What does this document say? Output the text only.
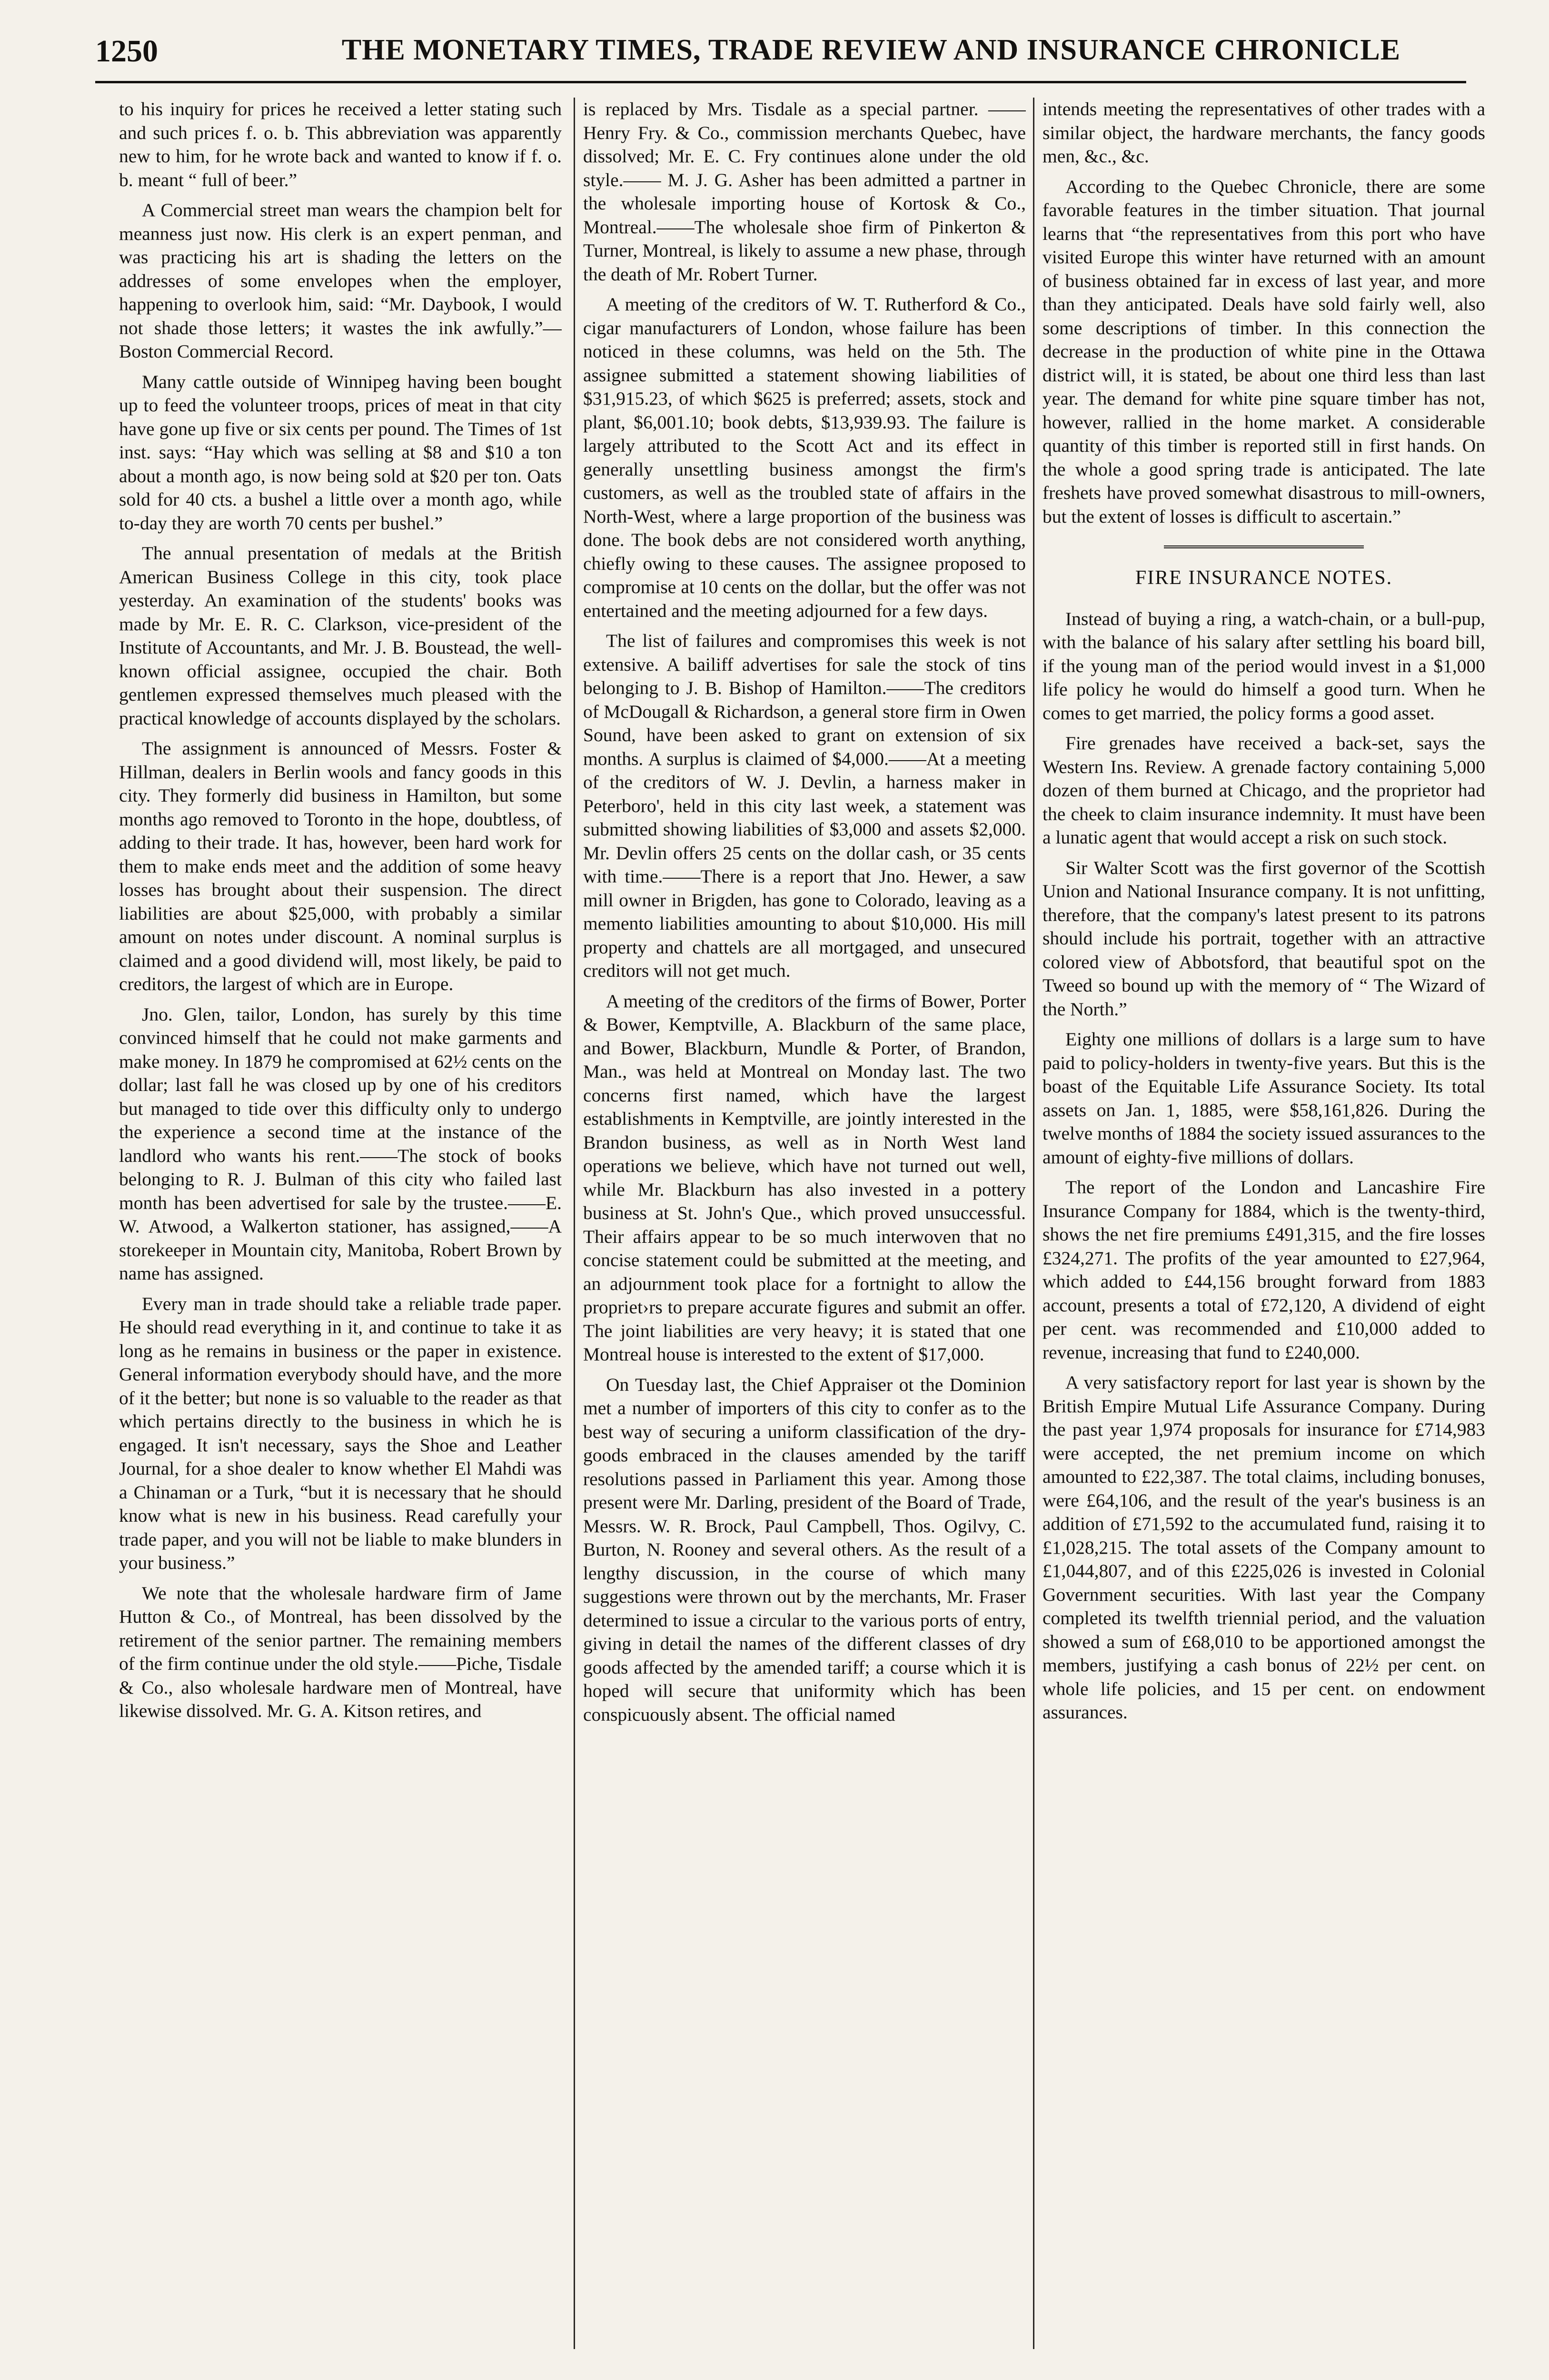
1250	THE MONETARY TIMES, TRADE REVIEW AND INSURANCE CHRONICLE

to his inquiry for prices he received a letter stating such and such prices f. o. b. This abbreviation was apparently new to him, for he wrote back and wanted to know if f. o. b. meant “ full of beer.”

A Commercial street man wears the champion belt for meanness just now. His clerk is an expert penman, and was practicing his art is shading the letters on the addresses of some envelopes when the employer, happening to overlook him, said: “Mr. Daybook, I would not shade those letters; it wastes the ink awfully.”—Boston Commercial Record.

Many cattle outside of Winnipeg having been bought up to feed the volunteer troops, prices of meat in that city have gone up five or six cents per pound. The Times of 1st inst. says: “Hay which was selling at $8 and $10 a ton about a month ago, is now being sold at $20 per ton. Oats sold for 40 cts. a bushel a little over a month ago, while to-day they are worth 70 cents per bushel.”

The annual presentation of medals at the British American Business College in this city, took place yesterday. An examination of the students' books was made by Mr. E. R. C. Clarkson, vice-president of the Institute of Accountants, and Mr. J. B. Boustead, the well-known official assignee, occupied the chair. Both gentlemen expressed themselves much pleased with the practical knowledge of accounts displayed by the scholars.

The assignment is announced of Messrs. Foster & Hillman, dealers in Berlin wools and fancy goods in this city. They formerly did business in Hamilton, but some months ago removed to Toronto in the hope, doubtless, of adding to their trade. It has, however, been hard work for them to make ends meet and the addition of some heavy losses has brought about their suspension. The direct liabilities are about $25,000, with probably a similar amount on notes under discount. A nominal surplus is claimed and a good dividend will, most likely, be paid to creditors, the largest of which are in Europe.

Jno. Glen, tailor, London, has surely by this time convinced himself that he could not make garments and make money. In 1879 he compromised at 62½ cents on the dollar; last fall he was closed up by one of his creditors but managed to tide over this difficulty only to undergo the experience a second time at the instance of the landlord who wants his rent.——The stock of books belonging to R. J. Bulman of this city who failed last month has been advertised for sale by the trustee.——E. W. Atwood, a Walkerton stationer, has assigned,——A storekeeper in Mountain city, Manitoba, Robert Brown by name has assigned.

Every man in trade should take a reliable trade paper. He should read everything in it, and continue to take it as long as he remains in business or the paper in existence. General information everybody should have, and the more of it the better; but none is so valuable to the reader as that which pertains directly to the business in which he is engaged. It isn't necessary, says the Shoe and Leather Journal, for a shoe dealer to know whether El Mahdi was a Chinaman or a Turk, “but it is necessary that he should know what is new in his business. Read carefully your trade paper, and you will not be liable to make blunders in your business.”

We note that the wholesale hardware firm of Jame Hutton & Co., of Montreal, has been dissolved by the retirement of the senior partner. The remaining members of the firm continue under the old style.——Piche, Tisdale & Co., also wholesale hardware men of Montreal, have likewise dissolved. Mr. G. A. Kitson retires, and

is replaced by Mrs. Tisdale as a special partner. ——Henry Fry. & Co., commission merchants Quebec, have dissolved; Mr. E. C. Fry continues alone under the old style.—— M. J. G. Asher has been admitted a partner in the wholesale importing house of Kortosk & Co., Montreal.——The wholesale shoe firm of Pinkerton & Turner, Montreal, is likely to assume a new phase, through the death of Mr. Robert Turner.

A meeting of the creditors of W. T. Rutherford & Co., cigar manufacturers of London, whose failure has been noticed in these columns, was held on the 5th. The assignee submitted a statement showing liabilities of $31,915.23, of which $625 is preferred; assets, stock and plant, $6,001.10; book debts, $13,939.93. The failure is largely attributed to the Scott Act and its effect in generally unsettling business amongst the firm's customers, as well as the troubled state of affairs in the North-West, where a large proportion of the business was done. The book debs are not considered worth anything, chiefly owing to these causes. The assignee proposed to compromise at 10 cents on the dollar, but the offer was not entertained and the meeting adjourned for a few days.

The list of failures and compromises this week is not extensive. A bailiff advertises for sale the stock of tins belonging to J. B. Bishop of Hamilton.——The creditors of McDougall & Richardson, a general store firm in Owen Sound, have been asked to grant on extension of six months. A surplus is claimed of $4,000.——At a meeting of the creditors of W. J. Devlin, a harness maker in Peterboro', held in this city last week, a statement was submitted showing liabilities of $3,000 and assets $2,000. Mr. Devlin offers 25 cents on the dollar cash, or 35 cents with time.——There is a report that Jno. Hewer, a saw mill owner in Brigden, has gone to Colorado, leaving as a memento liabilities amounting to about $10,000. His mill property and chattels are all mortgaged, and unsecured creditors will not get much.

A meeting of the creditors of the firms of Bower, Porter & Bower, Kemptville, A. Blackburn of the same place, and Bower, Blackburn, Mundle & Porter, of Brandon, Man., was held at Montreal on Monday last. The two concerns first named, which have the largest establishments in Kemptville, are jointly interested in the Brandon business, as well as in North West land operations we believe, which have not turned out well, while Mr. Blackburn has also invested in a pottery business at St. John's Que., which proved unsuccessful. Their affairs appear to be so much interwoven that no concise statement could be submitted at the meeting, and an adjournment took place for a fortnight to allow the propriet›rs to prepare accurate figures and submit an offer. The joint liabilities are very heavy; it is stated that one Montreal house is interested to the extent of $17,000.

On Tuesday last, the Chief Appraiser ot the Dominion met a number of importers of this city to confer as to the best way of securing a uniform classification of the dry-goods embraced in the clauses amended by the tariff resolutions passed in Parliament this year. Among those present were Mr. Darling, president of the Board of Trade, Messrs. W. R. Brock, Paul Campbell, Thos. Ogilvy, C. Burton, N. Rooney and several others. As the result of a lengthy discussion, in the course of which many suggestions were thrown out by the merchants, Mr. Fraser determined to issue a circular to the various ports of entry, giving in detail the names of the different classes of dry goods affected by the amended tariff; a course which it is hoped will secure that uniformity which has been conspicuously absent. The official named

intends meeting the representatives of other trades with a similar object, the hardware merchants, the fancy goods men, &c., &c.

According to the Quebec Chronicle, there are some favorable features in the timber situation. That journal learns that “the representatives from this port who have visited Europe this winter have returned with an amount of business obtained far in excess of last year, and more than they anticipated. Deals have sold fairly well, also some descriptions of timber. In this connection the decrease in the production of white pine in the Ottawa district will, it is stated, be about one third less than last year. The demand for white pine square timber has not, however, rallied in the home market. A considerable quantity of this timber is reported still in first hands. On the whole a good spring trade is anticipated. The late freshets have proved somewhat disastrous to mill-owners, but the extent of losses is difficult to ascertain.”

FIRE INSURANCE NOTES.

Instead of buying a ring, a watch-chain, or a bull-pup, with the balance of his salary after settling his board bill, if the young man of the period would invest in a $1,000 life policy he would do himself a good turn. When he comes to get married, the policy forms a good asset.

Fire grenades have received a back-set, says the Western Ins. Review. A grenade factory containing 5,000 dozen of them burned at Chicago, and the proprietor had the cheek to claim insurance indemnity. It must have been a lunatic agent that would accept a risk on such stock.

Sir Walter Scott was the first governor of the Scottish Union and National Insurance company. It is not unfitting, therefore, that the company's latest present to its patrons should include his portrait, together with an attractive colored view of Abbotsford, that beautiful spot on the Tweed so bound up with the memory of “ The Wizard of the North.”

Eighty one millions of dollars is a large sum to have paid to policy-holders in twenty-five years. But this is the boast of the Equitable Life Assurance Society. Its total assets on Jan. 1, 1885, were $58,161,826. During the twelve months of 1884 the society issued assurances to the amount of eighty-five millions of dollars.

The report of the London and Lancashire Fire Insurance Company for 1884, which is the twenty-third, shows the net fire premiums £491,315, and the fire losses £324,271. The profits of the year amounted to £27,964, which added to £44,156 brought forward from 1883 account, presents a total of £72,120, A dividend of eight per cent. was recommended and £10,000 added to revenue, increasing that fund to £240,000.

A very satisfactory report for last year is shown by the British Empire Mutual Life Assurance Company. During the past year 1,974 proposals for insurance for £714,983 were accepted, the net premium income on which amounted to £22,387. The total claims, including bonuses, were £64,106, and the result of the year's business is an addition of £71,592 to the accumulated fund, raising it to £1,028,215. The total assets of the Company amount to £1,044,807, and of this £225,026 is invested in Colonial Government securities. With last year the Company completed its twelfth triennial period, and the valuation showed a sum of £68,010 to be apportioned amongst the members, justifying a cash bonus of 22½ per cent. on whole life policies, and 15 per cent. on endowment assurances.
